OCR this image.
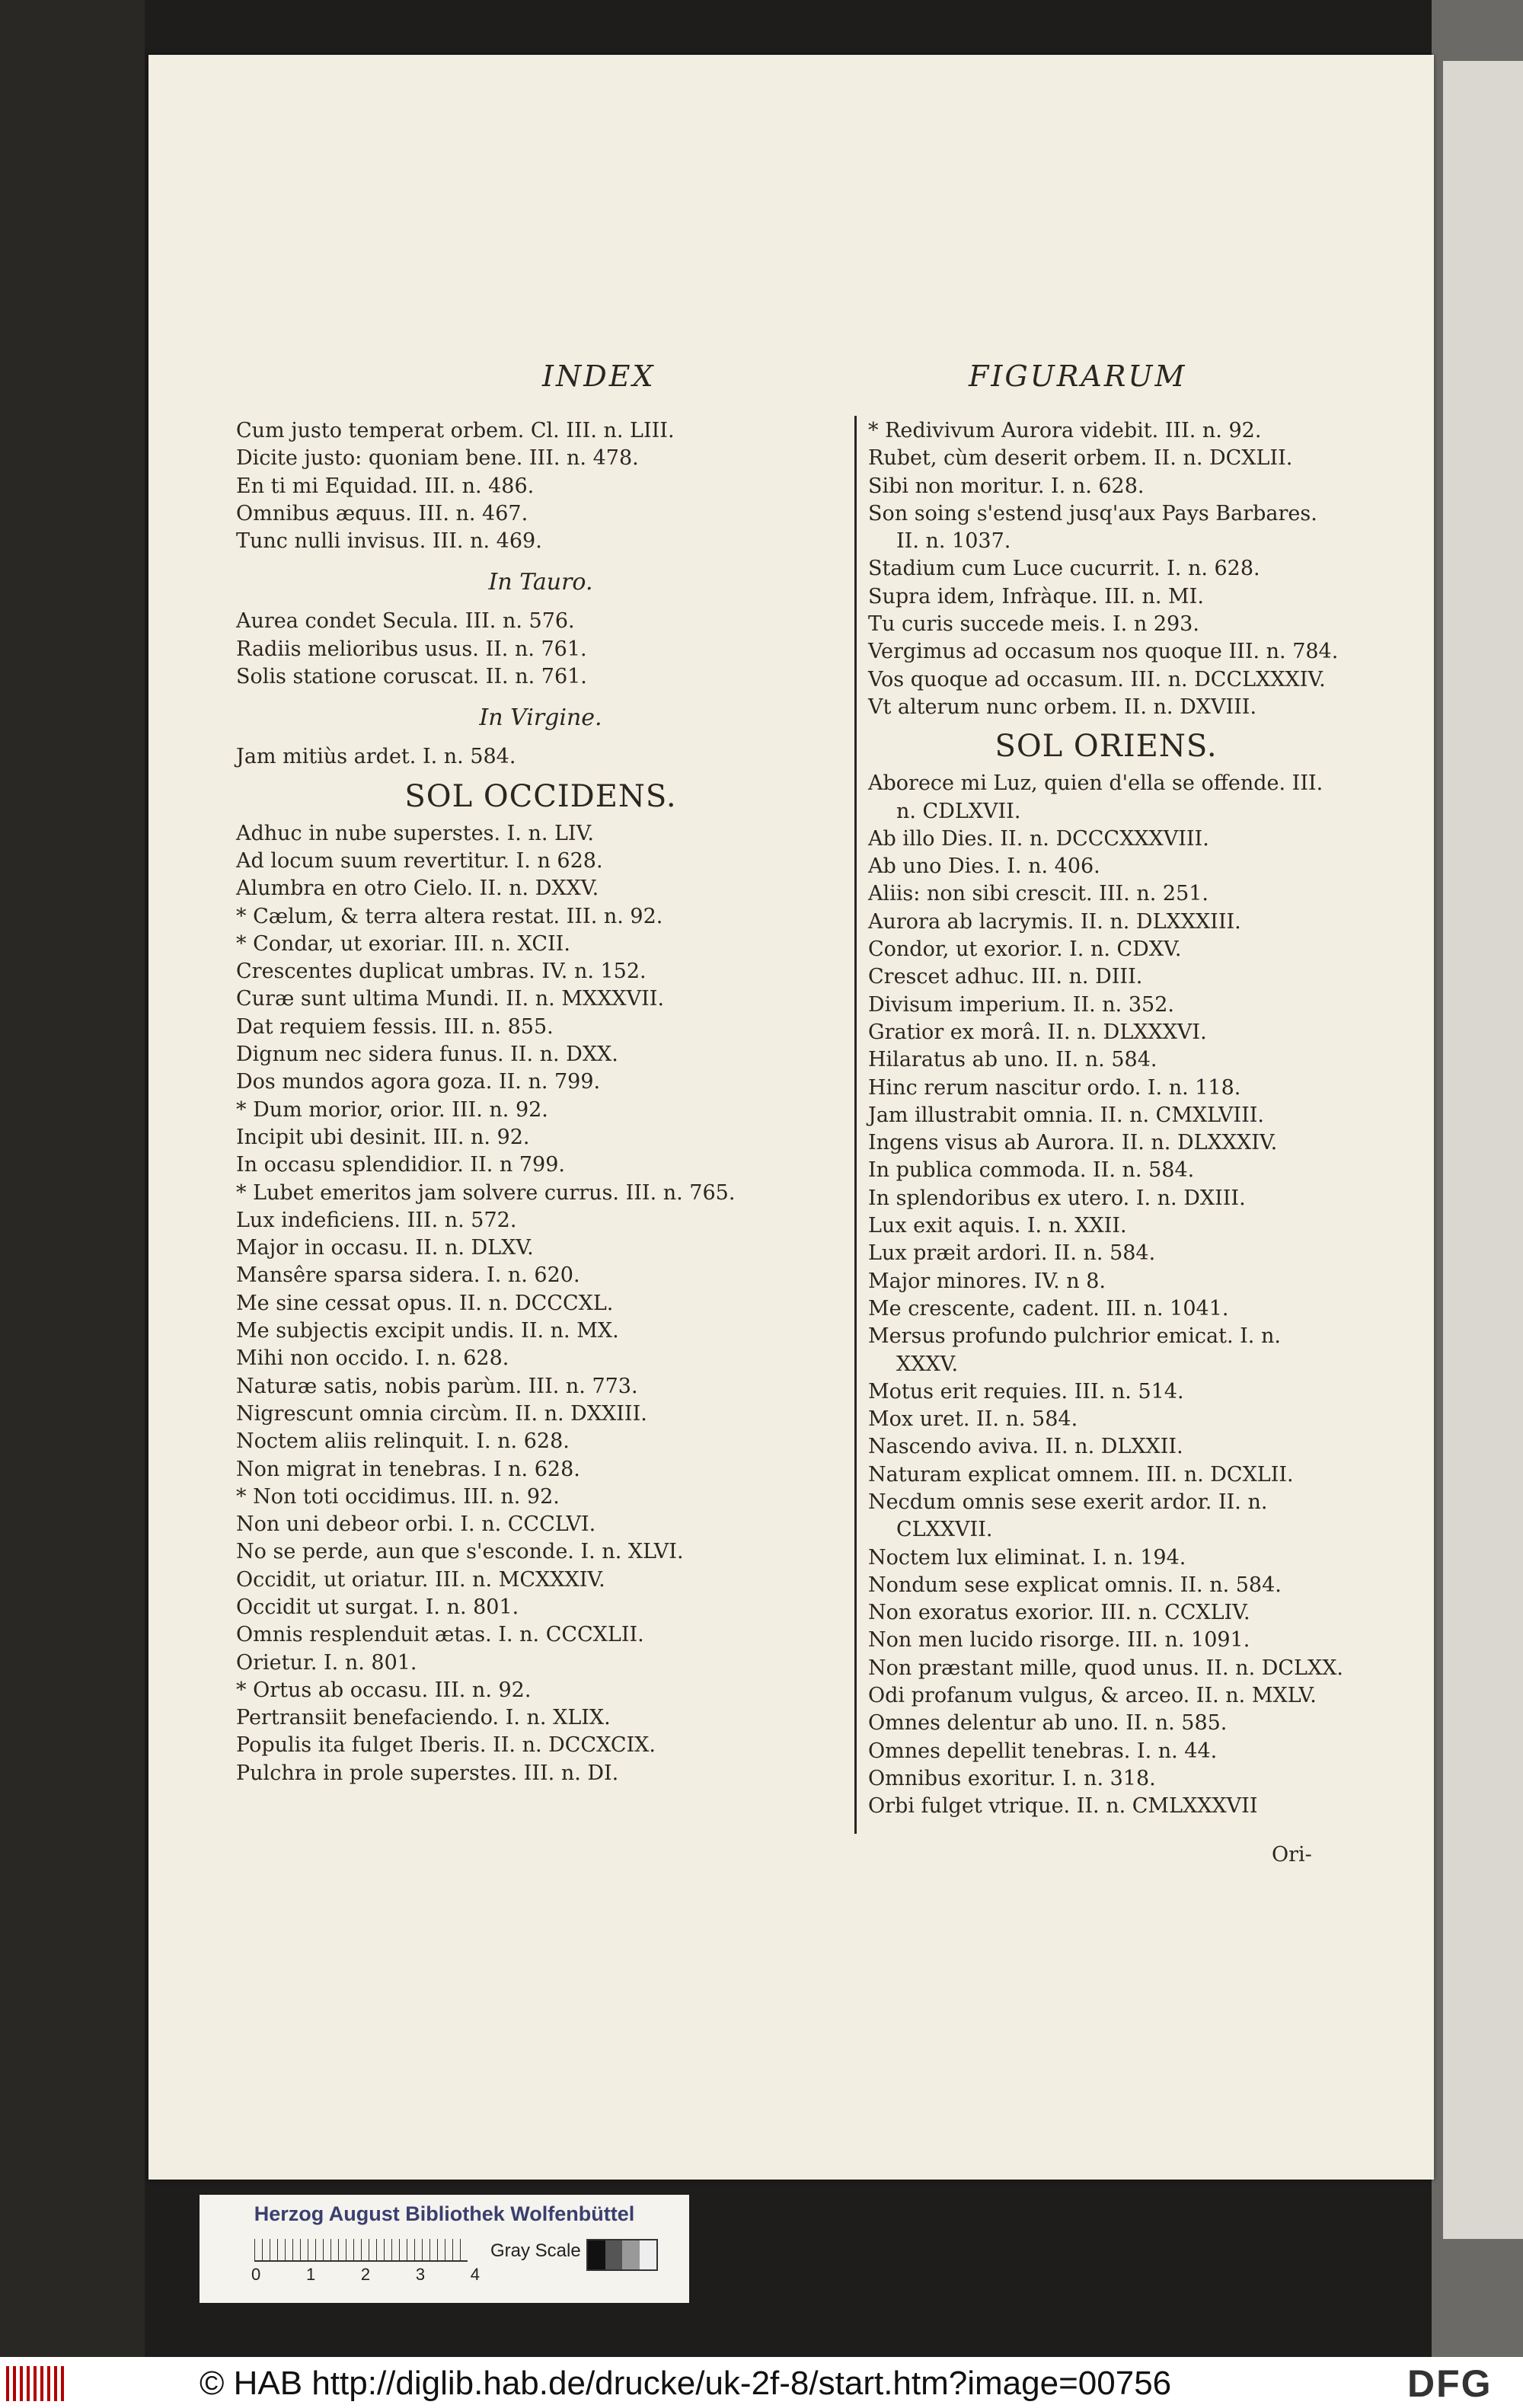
INDEX	FIGURARUM
Cum justo temperat orbem. Cl. III. n. LIII.
Dicite justo: quoniam bene. III. n. 478.
En ti mi Equidad. III. n. 486.
Omnibus æquus. III. n. 467.
Tunc nulli invisus. III. n. 469.
In Tauro.
Aurea condet Secula. III. n. 576.
Radiis melioribus usus. II. n. 761.
Solis statione coruscat. II. n. 761.
In Virgine.
Jam mitiùs ardet. I. n. 584.
SOL OCCIDENS.
Adhuc in nube superstes. I. n. LIV.
Ad locum suum revertitur. I. n 628.
Alumbra en otro Cielo. II. n. DXXV.
* Cælum, & terra altera restat. III. n. 92.
* Condar, ut exoriar. III. n. XCII.
Crescentes duplicat umbras. IV. n. 152.
Curæ sunt ultima Mundi. II. n. MXXXVII.
Dat requiem fessis. III. n. 855.
Dignum nec sidera funus. II. n. DXX.
Dos mundos agora goza. II. n. 799.
* Dum morior, orior. III. n. 92.
Incipit ubi desinit. III. n. 92.
In occasu splendidior. II. n 799.
* Lubet emeritos jam solvere currus. III. n. 765.
Lux indeficiens. III. n. 572.
Major in occasu. II. n. DLXV.
Mansêre sparsa sidera. I. n. 620.
Me sine cessat opus. II. n. DCCCXL.
Me subjectis excipit undis. II. n. MX.
Mihi non occido. I. n. 628.
Naturæ satis, nobis parùm. III. n. 773.
Nigrescunt omnia circùm. II. n. DXXIII.
Noctem aliis relinquit. I. n. 628.
Non migrat in tenebras. I n. 628.
* Non toti occidimus. III. n. 92.
Non uni debeor orbi. I. n. CCCLVI.
No se perde, aun que s'esconde. I. n. XLVI.
Occidit, ut oriatur. III. n. MCXXXIV.
Occidit ut surgat. I. n. 801.
Omnis resplenduit ætas. I. n. CCCXLII.
Orietur. I. n. 801.
* Ortus ab occasu. III. n. 92.
Pertransiit benefaciendo. I. n. XLIX.
Populis ita fulget Iberis. II. n. DCCXCIX.
Pulchra in prole superstes. III. n. DI.
* Redivivum Aurora videbit. III. n. 92.
Rubet, cùm deserit orbem. II. n. DCXLII.
Sibi non moritur. I. n. 628.
Son soing s'estend jusq'aux Pays Barbares. II. n. 1037.
Stadium cum Luce cucurrit. I. n. 628.
Supra idem, Infràque. III. n. MI.
Tu curis succede meis. I. n 293.
Vergimus ad occasum nos quoque III. n. 784.
Vos quoque ad occasum. III. n. DCCLXXXIV.
Vt alterum nunc orbem. II. n. DXVIII.
SOL ORIENS.
Aborece mi Luz, quien d'ella se offende. III. n. CDLXVII.
Ab illo Dies. II. n. DCCCXXXVIII.
Ab uno Dies. I. n. 406.
Aliis: non sibi crescit. III. n. 251.
Aurora ab lacrymis. II. n. DLXXXIII.
Condor, ut exorior. I. n. CDXV.
Crescet adhuc. III. n. DIII.
Divisum imperium. II. n. 352.
Gratior ex morâ. II. n. DLXXXVI.
Hilaratus ab uno. II. n. 584.
Hinc rerum nascitur ordo. I. n. 118.
Jam illustrabit omnia. II. n. CMXLVIII.
Ingens visus ab Aurora. II. n. DLXXXIV.
In publica commoda. II. n. 584.
In splendoribus ex utero. I. n. DXIII.
Lux exit aquis. I. n. XXII.
Lux præit ardori. II. n. 584.
Major minores. IV. n 8.
Me crescente, cadent. III. n. 1041.
Mersus profundo pulchrior emicat. I. n. XXXV.
Motus erit requies. III. n. 514.
Mox uret. II. n. 584.
Nascendo aviva. II. n. DLXXII.
Naturam explicat omnem. III. n. DCXLII.
Necdum omnis sese exerit ardor. II. n. CLXXVII.
Noctem lux eliminat. I. n. 194.
Nondum sese explicat omnis. II. n. 584.
Non exoratus exorior. III. n. CCXLIV.
Non men lucido risorge. III. n. 1091.
Non præstant mille, quod unus. II. n. DCLXX.
Odi profanum vulgus, & arceo. II. n. MXLV.
Omnes delentur ab uno. II. n. 585.
Omnes depellit tenebras. I. n. 44.
Omnibus exoritur. I. n. 318.
Orbi fulget vtrique. II. n. CMLXXXVII
Ori-
Herzog August Bibliothek Wolfenbüttel
0	1	2	3	4
Gray Scale
© HAB http://diglib.hab.de/drucke/uk-2f-8/start.htm?image=00756	DFG
